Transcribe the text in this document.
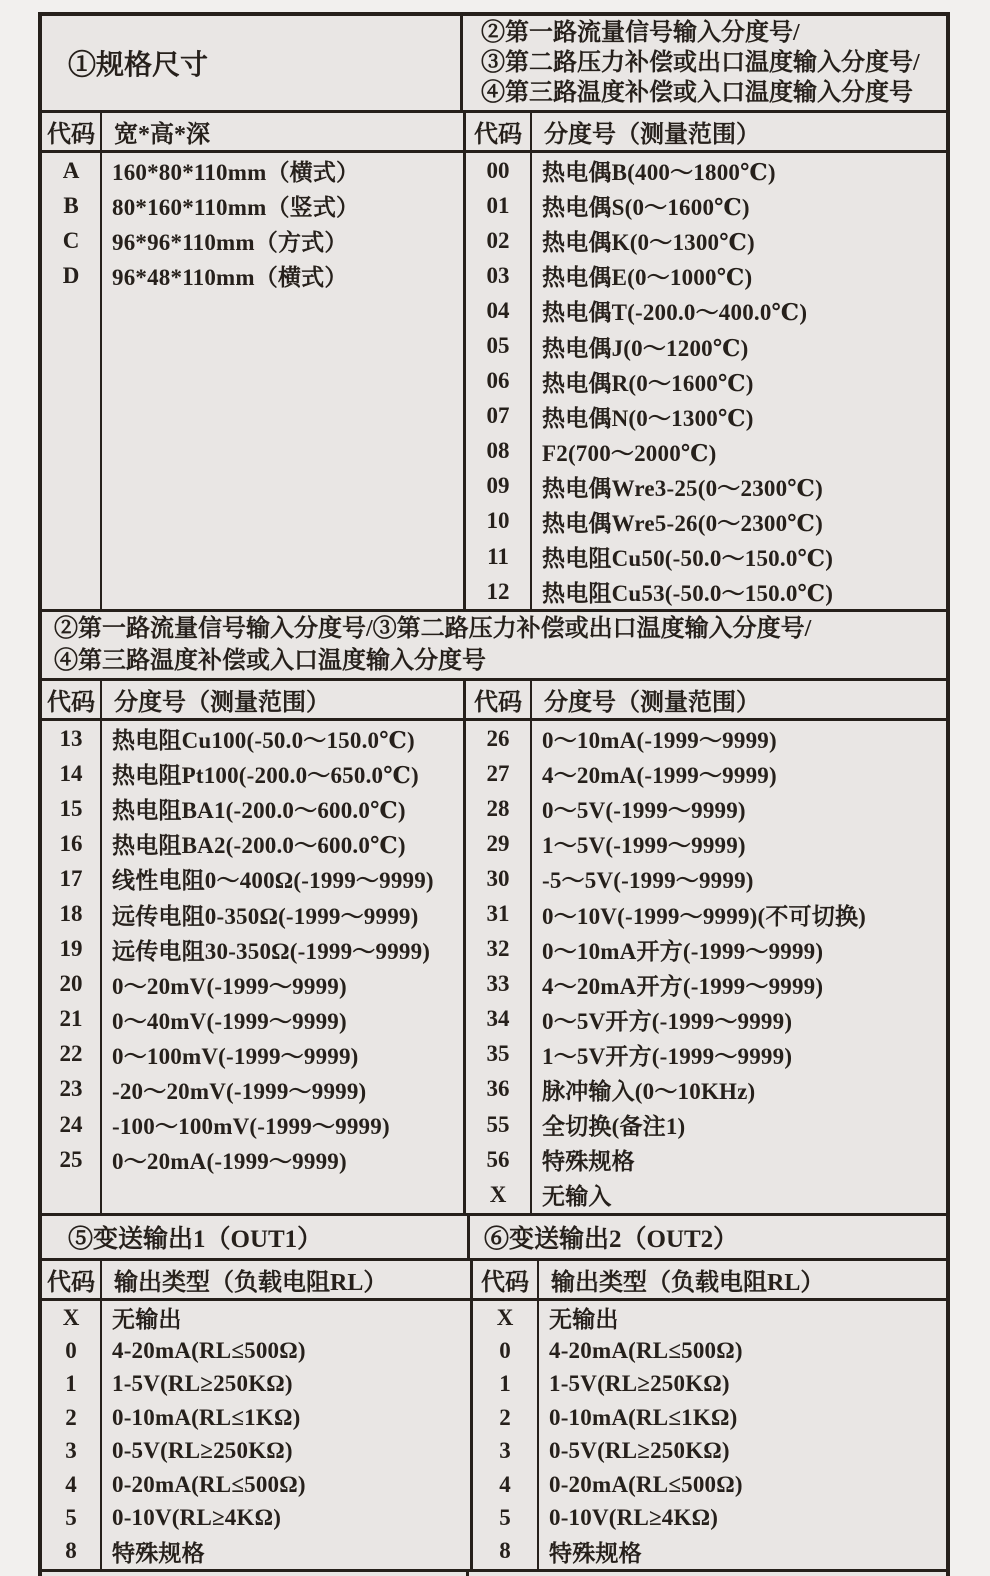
①规格尺寸
②第一路流量信号输入分度号/
③第二路压力补偿或出口温度输入分度号/
④第三路温度补偿或入口温度输入分度号
代码 宽*高*深	代码 分度号（测量范围）
A	160*80*110mm（横式）
B	80*160*110mm（竖式）
C	96*96*110mm（方式）
D	96*48*110mm（横式）
00	热电偶B(400～1800℃)
01	热电偶S(0～1600℃)
02	热电偶K(0～1300℃)
03	热电偶E(0～1000℃)
04	热电偶T(-200.0～400.0℃)
05	热电偶J(0～1200℃)
06	热电偶R(0～1600℃)
07	热电偶N(0～1300℃)
08	F2(700～2000℃)
09	热电偶Wre3-25(0～2300℃)
10	热电偶Wre5-26(0～2300℃)
11	热电阻Cu50(-50.0～150.0℃)
12	热电阻Cu53(-50.0～150.0℃)
②第一路流量信号输入分度号/③第二路压力补偿或出口温度输入分度号/
④第三路温度补偿或入口温度输入分度号
代码 分度号（测量范围）	代码 分度号（测量范围）
13	热电阻Cu100(-50.0～150.0℃)
14	热电阻Pt100(-200.0～650.0℃)
15	热电阻BA1(-200.0～600.0℃)
16	热电阻BA2(-200.0～600.0℃)
17	线性电阻0～400Ω(-1999～9999)
18	远传电阻0-350Ω(-1999～9999)
19	远传电阻30-350Ω(-1999～9999)
20	0～20mV(-1999～9999)
21	0～40mV(-1999～9999)
22	0～100mV(-1999～9999)
23	-20～20mV(-1999～9999)
24	-100～100mV(-1999～9999)
25	0～20mA(-1999～9999)
26	0～10mA(-1999～9999)
27	4～20mA(-1999～9999)
28	0～5V(-1999～9999)
29	1～5V(-1999～9999)
30	-5～5V(-1999～9999)
31	0～10V(-1999～9999)(不可切换)
32	0～10mA开方(-1999～9999)
33	4～20mA开方(-1999～9999)
34	0～5V开方(-1999～9999)
35	1～5V开方(-1999～9999)
36	脉冲输入(0～10KHz)
55	全切换(备注1)
56	特殊规格
X	无输入
⑤变送输出1（OUT1）	⑥变送输出2（OUT2）
代码 输出类型（负载电阻RL）	代码 输出类型（负载电阻RL）
X	无输出
0	4-20mA(RL≤500Ω)
1	1-5V(RL≥250KΩ)
2	0-10mA(RL≤1KΩ)
3	0-5V(RL≥250KΩ)
4	0-20mA(RL≤500Ω)
5	0-10V(RL≥4KΩ)
8	特殊规格
X	无输出
0	4-20mA(RL≤500Ω)
1	1-5V(RL≥250KΩ)
2	0-10mA(RL≤1KΩ)
3	0-5V(RL≥250KΩ)
4	0-20mA(RL≤500Ω)
5	0-10V(RL≥4KΩ)
8	特殊规格
